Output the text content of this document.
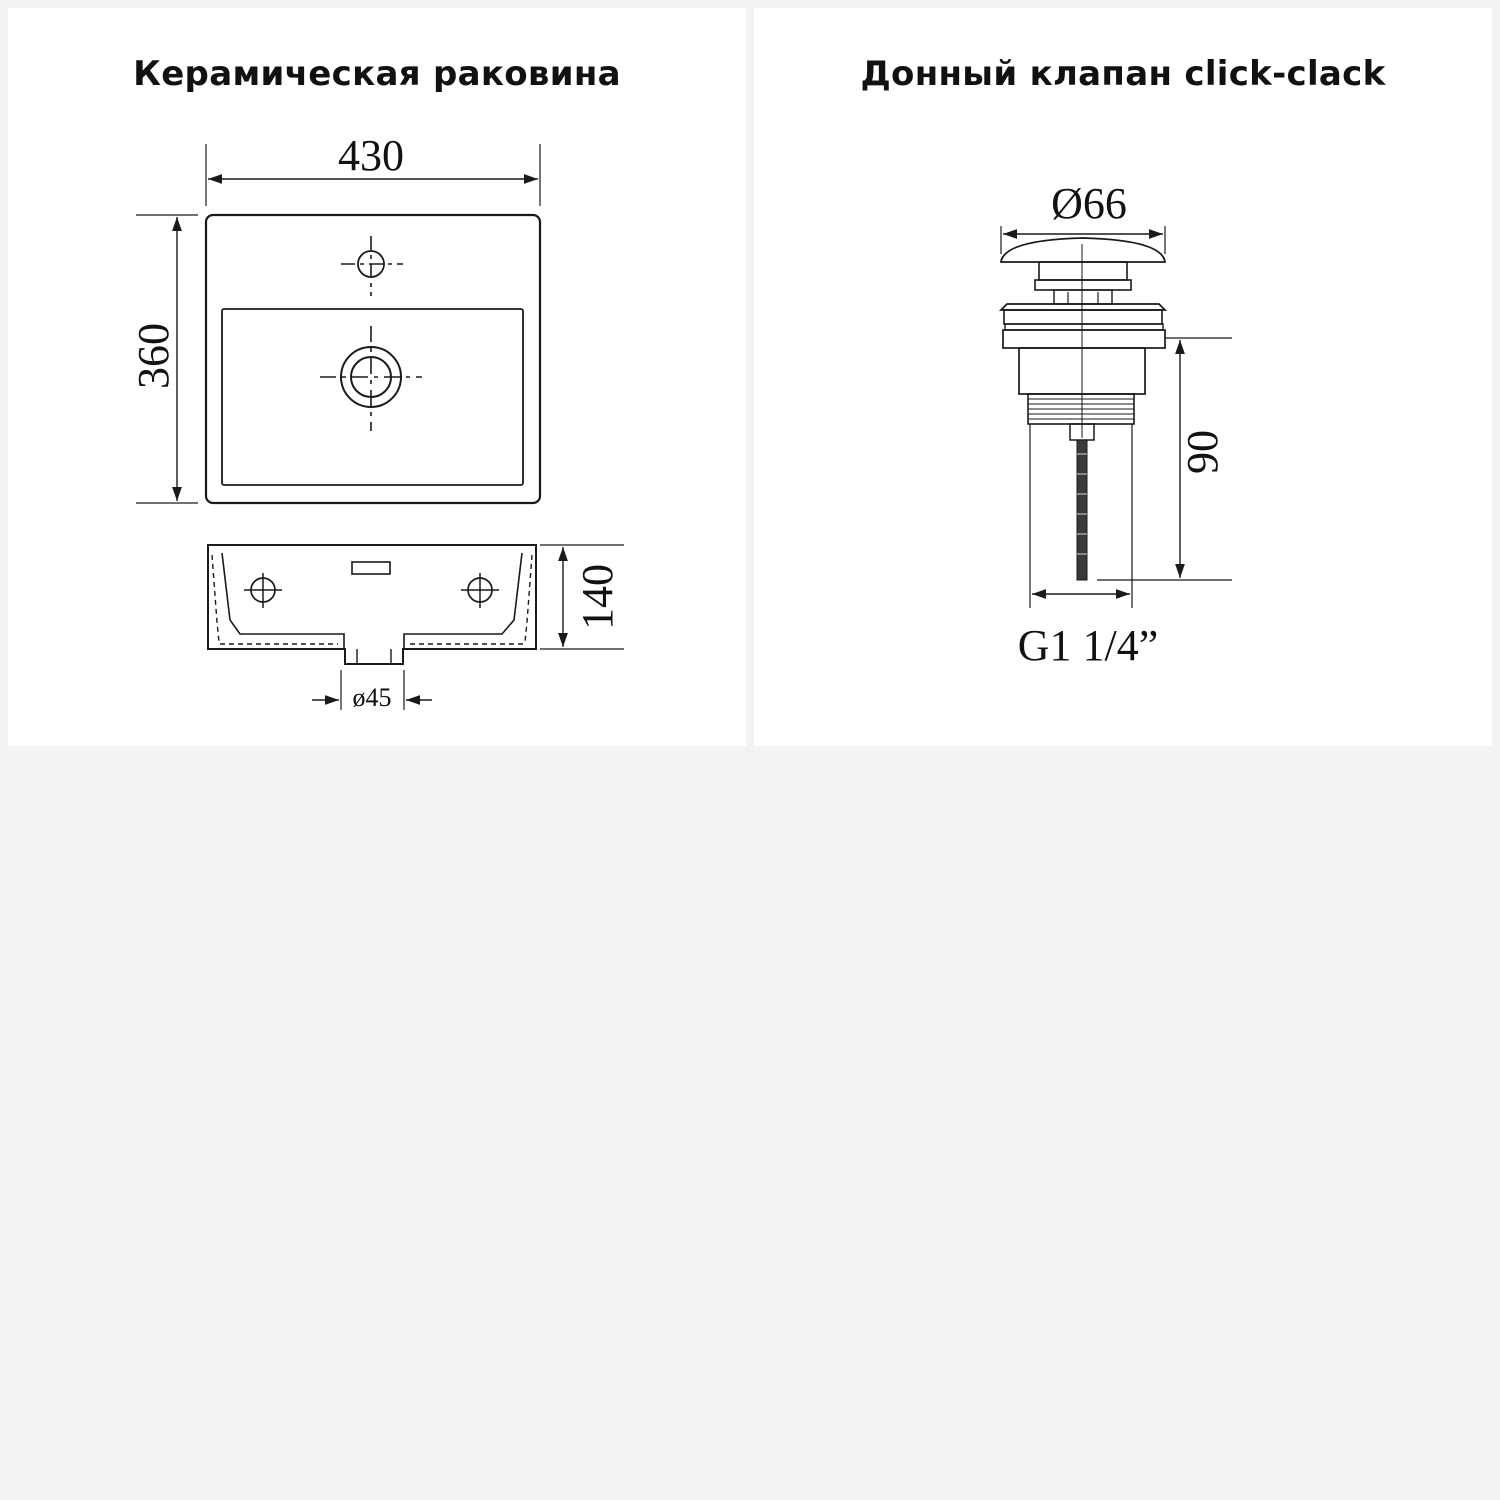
Керамическая раковина
430
360
140
ø45
Донный клапан click-clack
Ø66
90
G1 1/4”
